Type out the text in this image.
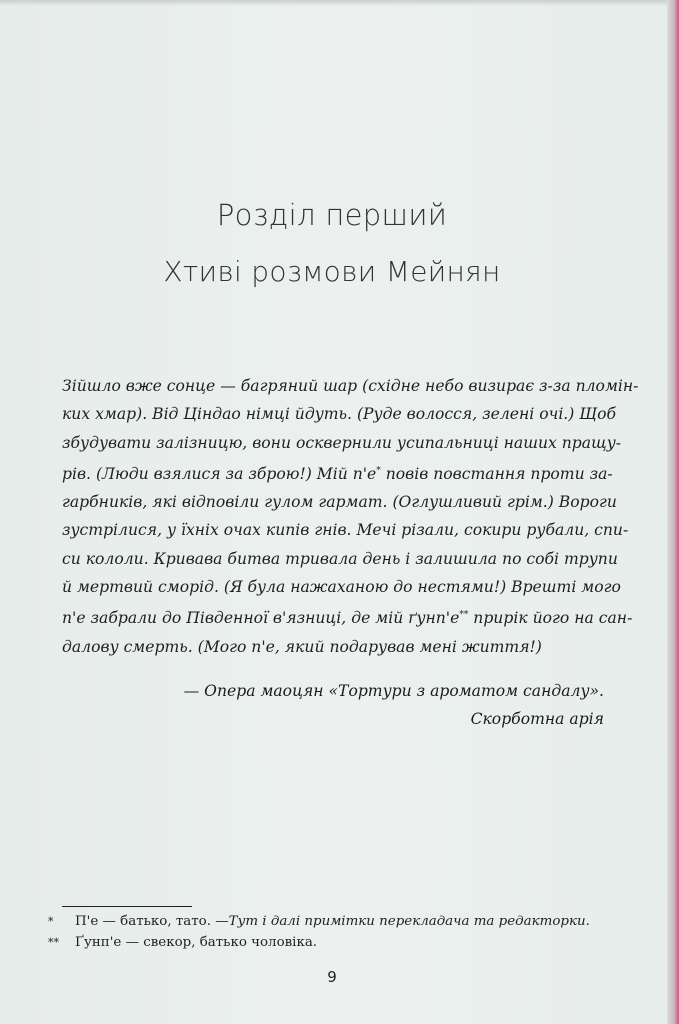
Розділ перший
Хтиві розмови Мейнян
Зійшло вже сонце — багряний шар (східне небо визирає з-за пломін-
ких хмар). Від Ціндао німці йдуть. (Руде волосся, зелені очі.) Щоб
збудувати залізницю, вони осквернили усипальниці наших пращу-
рів. (Люди взялися за зброю!) Мій п'е* повів повстання проти за-
гарбників, які відповіли гулом гармат. (Оглушливий грім.) Вороги
зустрілися, у їхніх очах кипів гнів. Мечі різали, сокири рубали, спи-
си кололи. Кривава битва тривала день і залишила по собі трупи
й мертвий сморід. (Я була нажаханою до нестями!) Врешті мого
п'е забрали до Південної в'язниці, де мій ґунп'е** прирік його на сан-
далову смерть. (Мого п'е, який подарував мені життя!)
— Опера маоцян «Тортури з ароматом сандалу».
Скорботна арія
*	П'е — батько, тато. — Тут і далі примітки перекладача та редакторки.
**	Ґунп'е — свекор, батько чоловіка.
9
